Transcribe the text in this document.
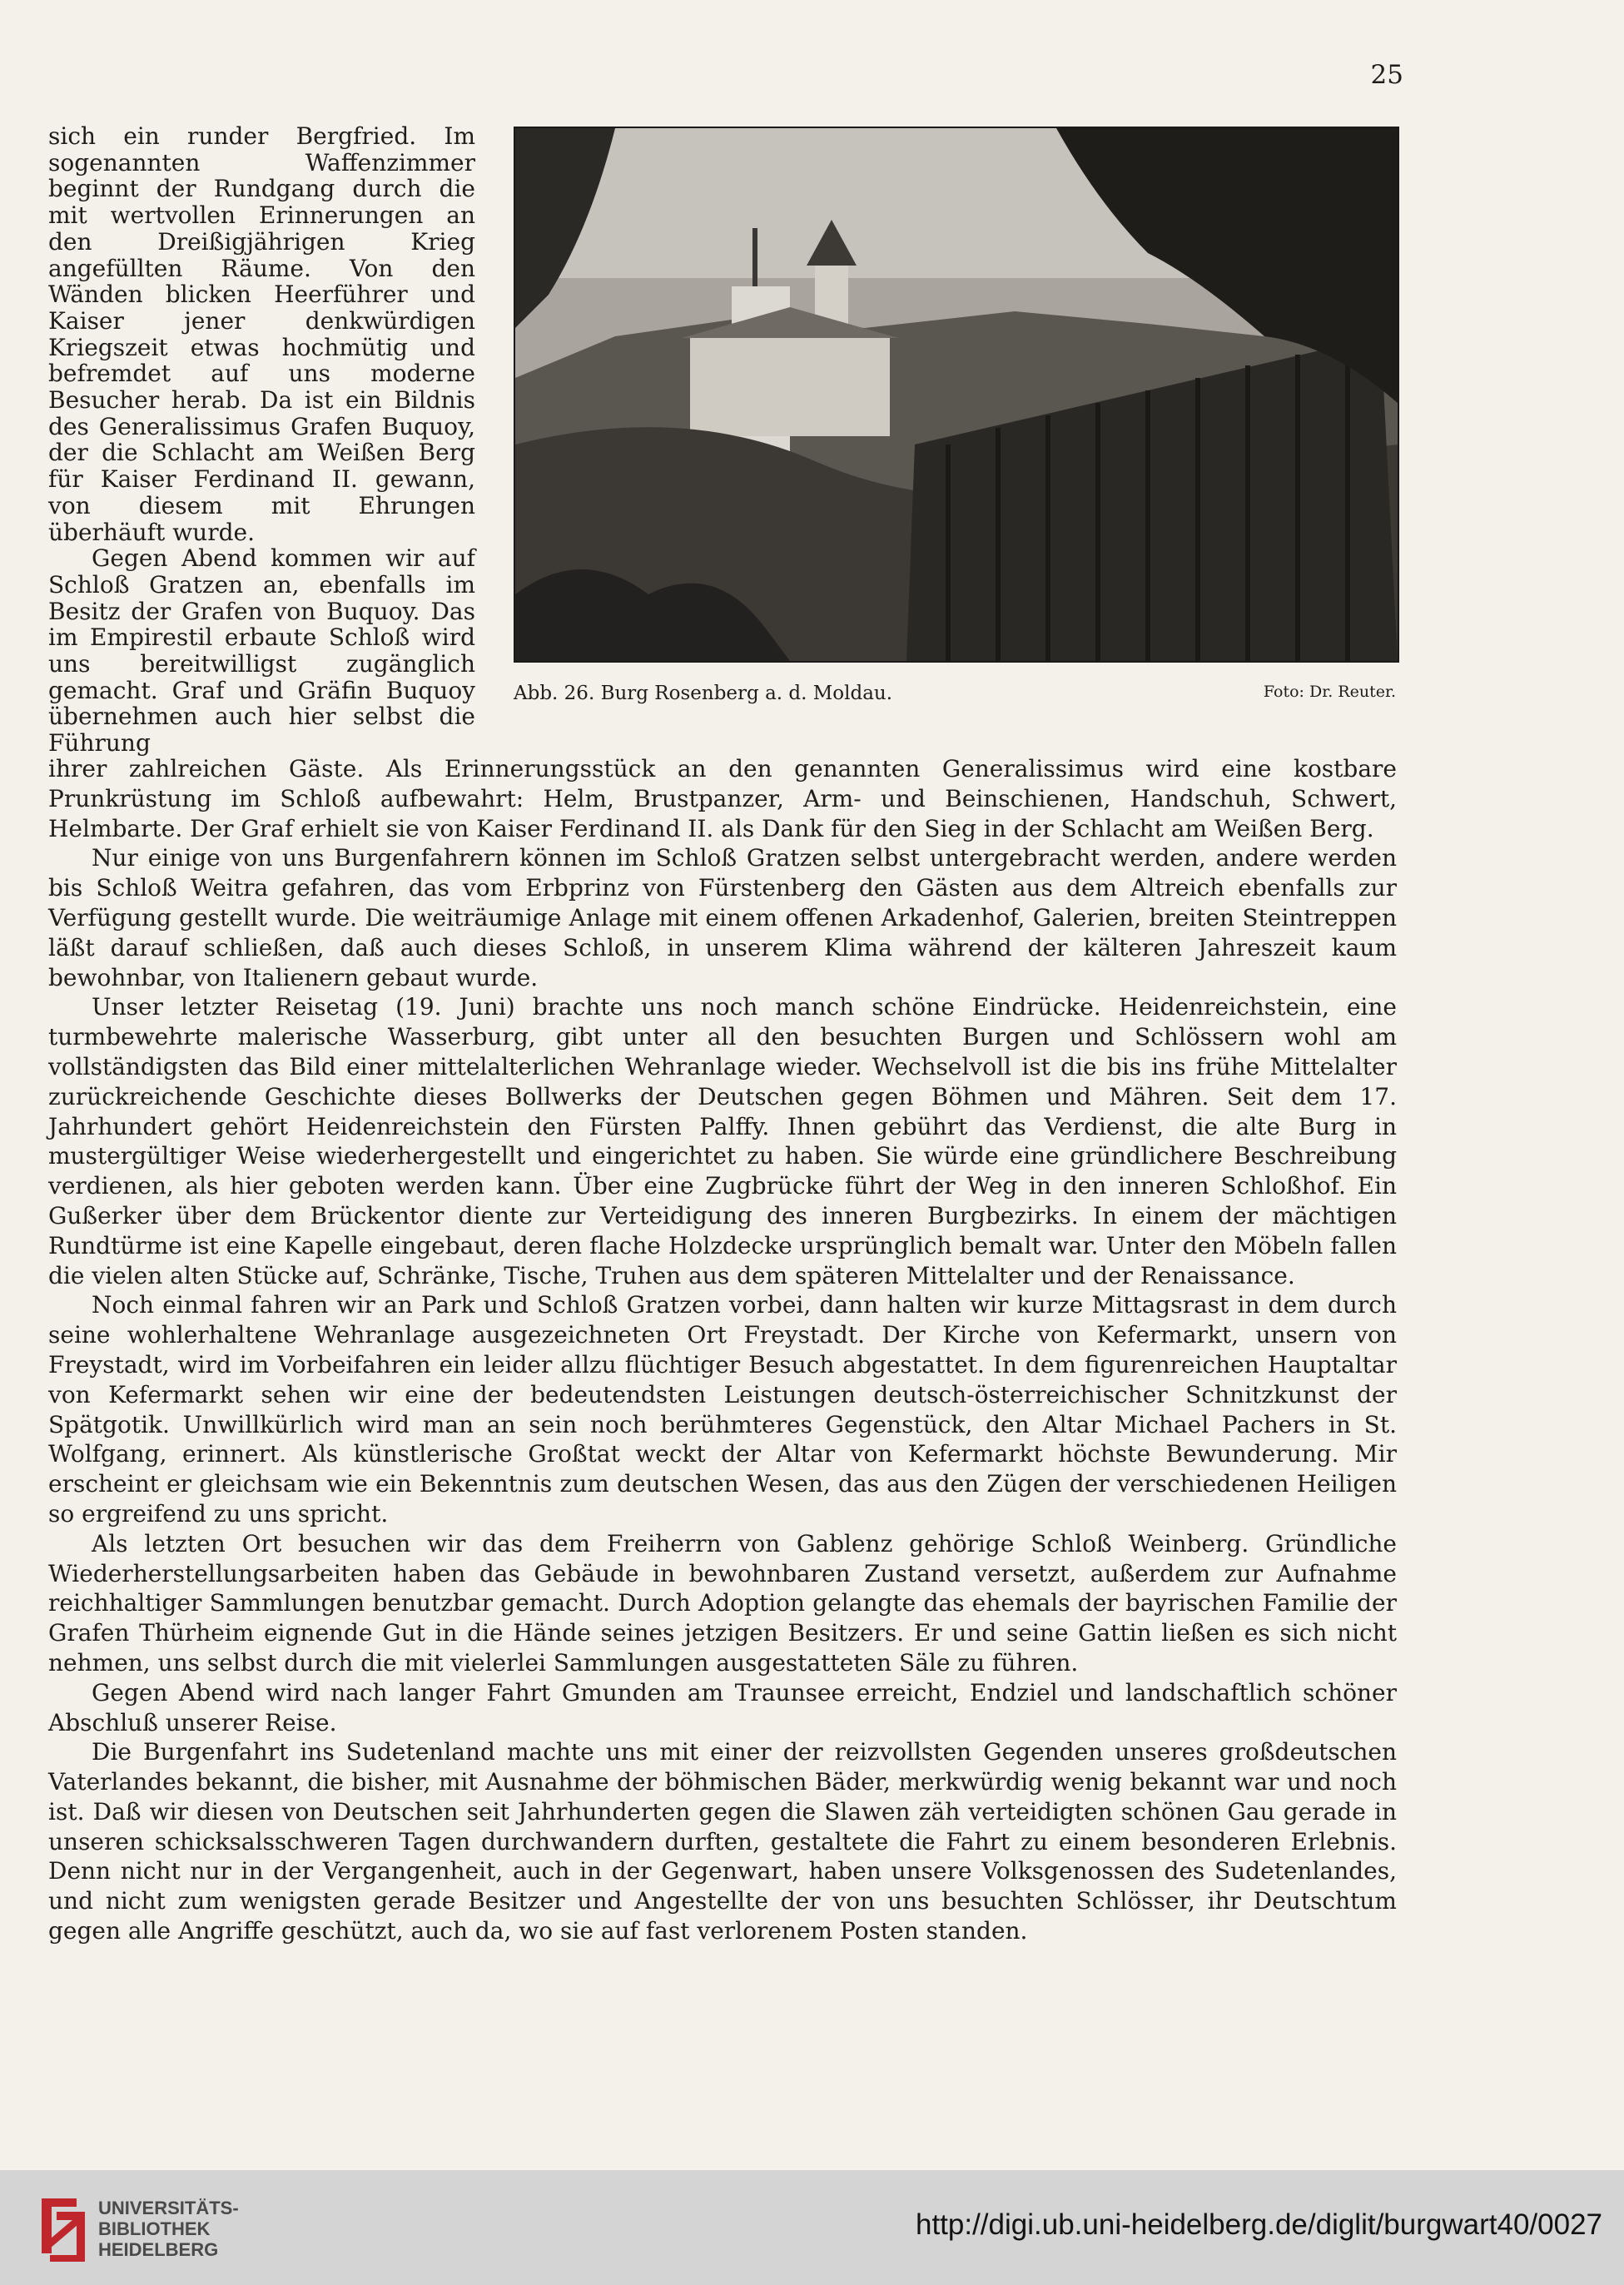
25

sich ein runder Bergfried. Im sogenannten Waffenzimmer beginnt der Rundgang durch die mit wertvollen Erinnerungen an den Dreißigjährigen Krieg angefüllten Räume. Von den Wänden blicken Heerführer und Kaiser jener denkwürdigen Kriegszeit etwas hochmütig und befremdet auf uns moderne Besucher herab. Da ist ein Bildnis des Generalissimus Grafen Buquoy, der die Schlacht am Weißen Berg für Kaiser Ferdinand II. gewann, von diesem mit Ehrungen überhäuft wurde.

Gegen Abend kommen wir auf Schloß Gratzen an, ebenfalls im Besitz der Grafen von Buquoy. Das im Empirestil erbaute Schloß wird uns bereitwilligst zugänglich gemacht. Graf und Gräfin Buquoy übernehmen auch hier selbst die Führung

Abb. 26. Burg Rosenberg a. d. Moldau.	Foto: Dr. Reuter.

ihrer zahlreichen Gäste. Als Erinnerungsstück an den genannten Generalissimus wird eine kostbare Prunkrüstung im Schloß aufbewahrt: Helm, Brustpanzer, Arm- und Beinschienen, Handschuh, Schwert, Helmbarte. Der Graf erhielt sie von Kaiser Ferdinand II. als Dank für den Sieg in der Schlacht am Weißen Berg.

Nur einige von uns Burgenfahrern können im Schloß Gratzen selbst untergebracht werden, andere werden bis Schloß Weitra gefahren, das vom Erbprinz von Fürstenberg den Gästen aus dem Altreich ebenfalls zur Verfügung gestellt wurde. Die weiträumige Anlage mit einem offenen Arkadenhof, Galerien, breiten Steintreppen läßt darauf schließen, daß auch dieses Schloß, in unserem Klima während der kälteren Jahreszeit kaum bewohnbar, von Italienern gebaut wurde.

Unser letzter Reisetag (19. Juni) brachte uns noch manch schöne Eindrücke. Heidenreichstein, eine turmbewehrte malerische Wasserburg, gibt unter all den besuchten Burgen und Schlössern wohl am vollständigsten das Bild einer mittelalterlichen Wehranlage wieder. Wechselvoll ist die bis ins frühe Mittelalter zurückreichende Geschichte dieses Bollwerks der Deutschen gegen Böhmen und Mähren. Seit dem 17. Jahrhundert gehört Heidenreichstein den Fürsten Palffy. Ihnen gebührt das Verdienst, die alte Burg in mustergültiger Weise wiederhergestellt und eingerichtet zu haben. Sie würde eine gründlichere Beschreibung verdienen, als hier geboten werden kann. Über eine Zugbrücke führt der Weg in den inneren Schloßhof. Ein Gußerker über dem Brückentor diente zur Verteidigung des inneren Burgbezirks. In einem der mächtigen Rundtürme ist eine Kapelle eingebaut, deren flache Holzdecke ursprünglich bemalt war. Unter den Möbeln fallen die vielen alten Stücke auf, Schränke, Tische, Truhen aus dem späteren Mittelalter und der Renaissance.

Noch einmal fahren wir an Park und Schloß Gratzen vorbei, dann halten wir kurze Mittagsrast in dem durch seine wohlerhaltene Wehranlage ausgezeichneten Ort Freystadt. Der Kirche von Kefermarkt, unsern von Freystadt, wird im Vorbeifahren ein leider allzu flüchtiger Besuch abgestattet. In dem figurenreichen Hauptaltar von Kefermarkt sehen wir eine der bedeutendsten Leistungen deutsch-österreichischer Schnitzkunst der Spätgotik. Unwillkürlich wird man an sein noch berühmteres Gegenstück, den Altar Michael Pachers in St. Wolfgang, erinnert. Als künstlerische Großtat weckt der Altar von Kefermarkt höchste Bewunderung. Mir erscheint er gleichsam wie ein Bekenntnis zum deutschen Wesen, das aus den Zügen der verschiedenen Heiligen so ergreifend zu uns spricht.

Als letzten Ort besuchen wir das dem Freiherrn von Gablenz gehörige Schloß Weinberg. Gründliche Wiederherstellungsarbeiten haben das Gebäude in bewohnbaren Zustand versetzt, außerdem zur Aufnahme reichhaltiger Sammlungen benutzbar gemacht. Durch Adoption gelangte das ehemals der bayrischen Familie der Grafen Thürheim eignende Gut in die Hände seines jetzigen Besitzers. Er und seine Gattin ließen es sich nicht nehmen, uns selbst durch die mit vielerlei Sammlungen ausgestatteten Säle zu führen.

Gegen Abend wird nach langer Fahrt Gmunden am Traunsee erreicht, Endziel und landschaftlich schöner Abschluß unserer Reise.

Die Burgenfahrt ins Sudetenland machte uns mit einer der reizvollsten Gegenden unseres großdeutschen Vaterlandes bekannt, die bisher, mit Ausnahme der böhmischen Bäder, merkwürdig wenig bekannt war und noch ist. Daß wir diesen von Deutschen seit Jahrhunderten gegen die Slawen zäh verteidigten schönen Gau gerade in unseren schicksalsschweren Tagen durchwandern durften, gestaltete die Fahrt zu einem besonderen Erlebnis. Denn nicht nur in der Vergangenheit, auch in der Gegenwart, haben unsere Volksgenossen des Sudetenlandes, und nicht zum wenigsten gerade Besitzer und Angestellte der von uns besuchten Schlösser, ihr Deutschtum gegen alle Angriffe geschützt, auch da, wo sie auf fast verlorenem Posten standen.

UNIVERSITÄTS-
BIBLIOTHEK
HEIDELBERG
http://digi.ub.uni-heidelberg.de/diglit/burgwart40/0027
